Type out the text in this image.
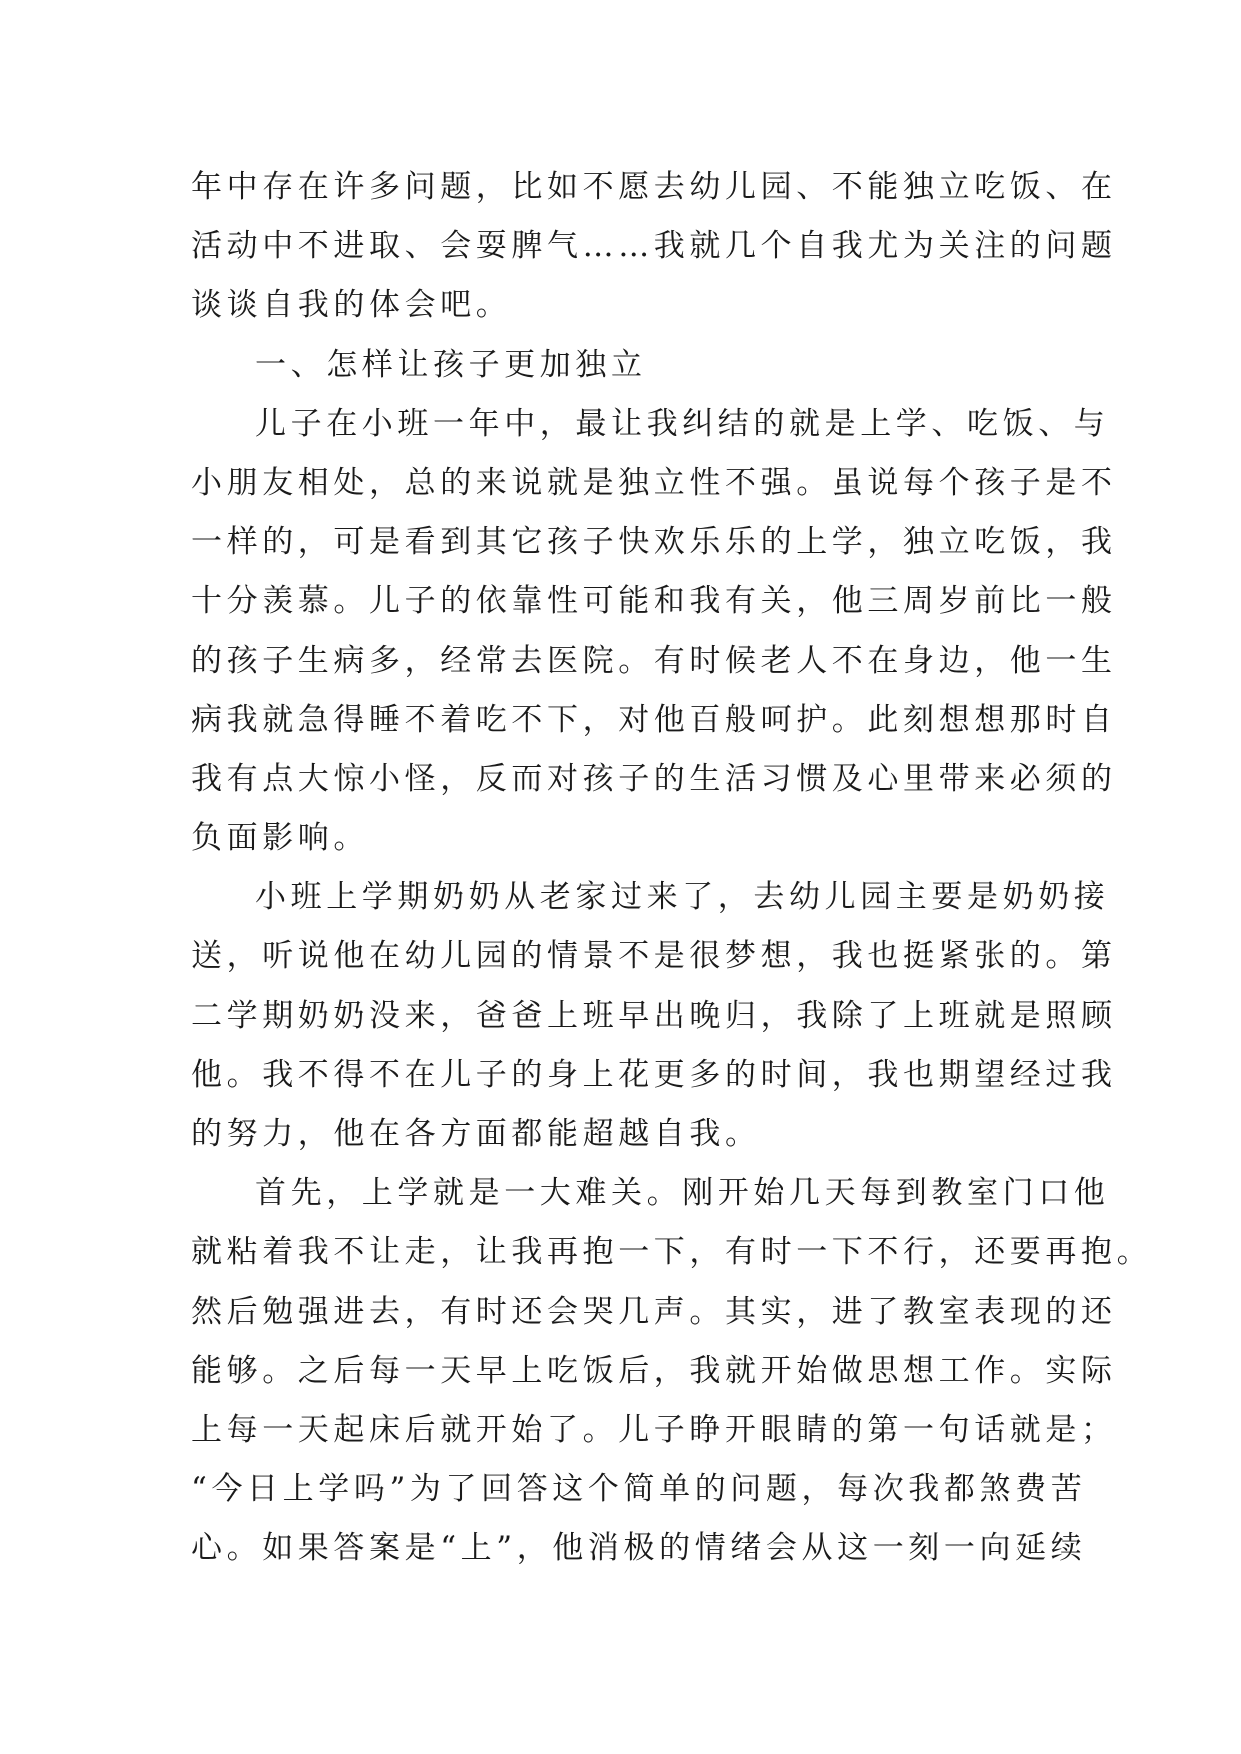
年中存在许多问题，比如不愿去幼儿园、不能独立吃饭、在
活动中不进取、会耍脾气……我就几个自我尤为关注的问题
谈谈自我的体会吧。
一、怎样让孩子更加独立
儿子在小班一年中，最让我纠结的就是上学、吃饭、与
小朋友相处，总的来说就是独立性不强。虽说每个孩子是不
一样的，可是看到其它孩子快欢乐乐的上学，独立吃饭，我
十分羡慕。儿子的依靠性可能和我有关，他三周岁前比一般
的孩子生病多，经常去医院。有时候老人不在身边，他一生
病我就急得睡不着吃不下，对他百般呵护。此刻想想那时自
我有点大惊小怪，反而对孩子的生活习惯及心里带来必须的
负面影响。
小班上学期奶奶从老家过来了，去幼儿园主要是奶奶接
送，听说他在幼儿园的情景不是很梦想，我也挺紧张的。第
二学期奶奶没来，爸爸上班早出晚归，我除了上班就是照顾
他。我不得不在儿子的身上花更多的时间，我也期望经过我
的努力，他在各方面都能超越自我。
首先，上学就是一大难关。刚开始几天每到教室门口他
就粘着我不让走，让我再抱一下，有时一下不行，还要再抱。
然后勉强进去，有时还会哭几声。其实，进了教室表现的还
能够。之后每一天早上吃饭后，我就开始做思想工作。实际
上每一天起床后就开始了。儿子睁开眼睛的第一句话就是；
“今日上学吗”为了回答这个简单的问题，每次我都煞费苦
心。如果答案是“上”，他消极的情绪会从这一刻一向延续
